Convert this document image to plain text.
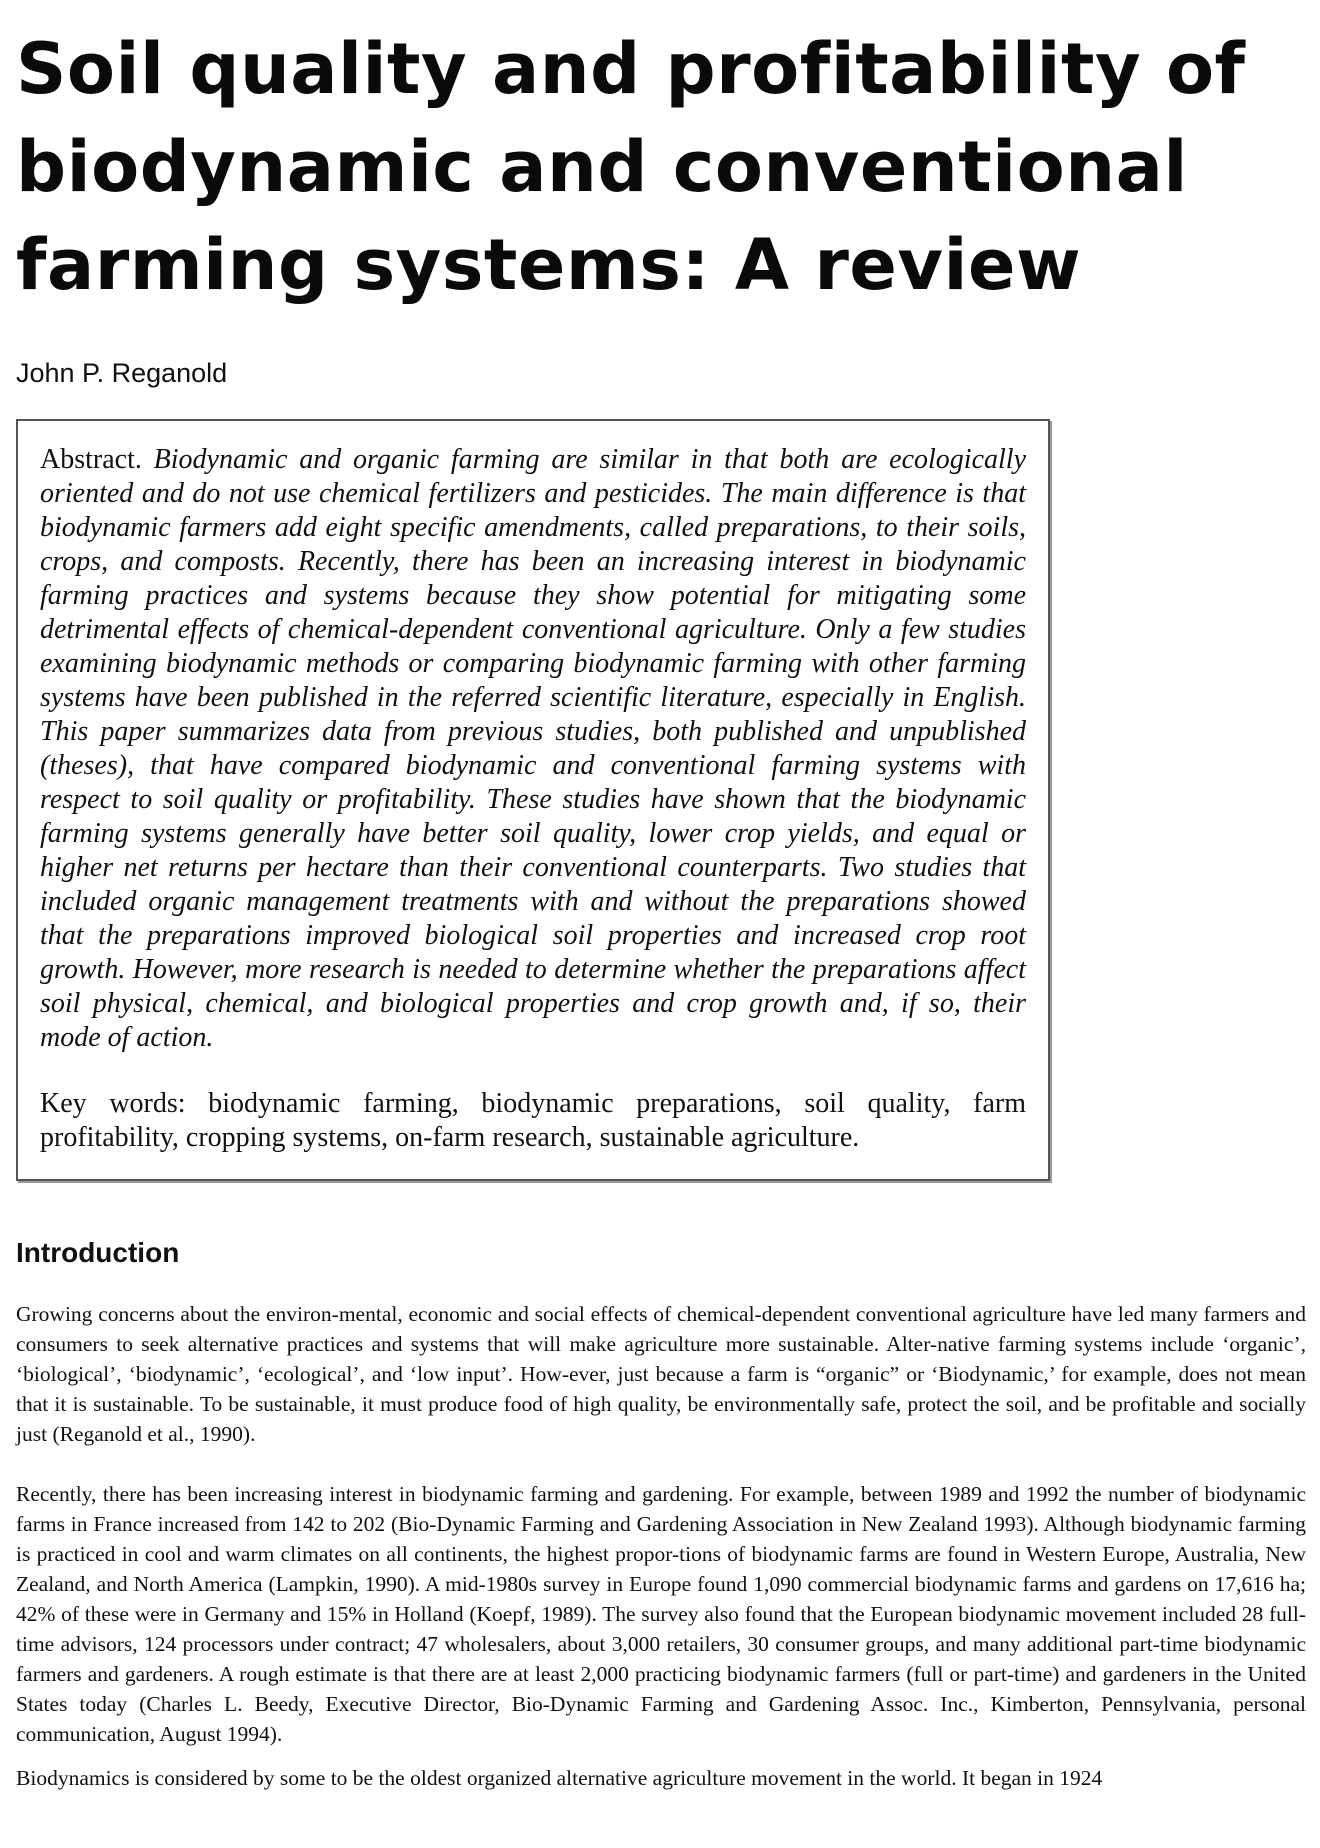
Soil quality and profitability of
biodynamic and conventional
farming systems: A review
John P. Reganold

Abstract. Biodynamic and organic farming are similar in that both are ecologically oriented and do not use chemical fertilizers and pesticides. The main difference is that biodynamic farmers add eight specific amendments, called preparations, to their soils, crops, and composts. Recently, there has been an increasing interest in biodynamic farming practices and systems because they show potential for mitigating some detrimental effects of chemical-dependent conventional agriculture. Only a few studies examining biodynamic methods or comparing biodynamic farming with other farming systems have been published in the referred scientific literature, especially in English. This paper summarizes data from previous studies, both published and unpublished (theses), that have compared biodynamic and conventional farming systems with respect to soil quality or profitability. These studies have shown that the biodynamic farming systems generally have better soil quality, lower crop yields, and equal or higher net returns per hectare than their conventional counterparts. Two studies that included organic management treatments with and without the preparations showed that the preparations improved biological soil properties and increased crop root growth. However, more research is needed to determine whether the preparations affect soil physical, chemical, and biological properties and crop growth and, if so, their mode of action.

Key words: biodynamic farming, biodynamic preparations, soil quality, farm profitability, cropping systems, on-farm research, sustainable agriculture.

Introduction

Growing concerns about the environ-mental, economic and social effects of chemical-dependent conventional agriculture have led many farmers and consumers to seek alternative practices and systems that will make agriculture more sustainable. Alter-native farming systems include ‘organic’, ‘biological’, ‘biodynamic’, ‘ecological’, and ‘low input’. How-ever, just because a farm is “organic” or ‘Biodynamic,’ for example, does not mean that it is sustainable. To be sustainable, it must produce food of high quality, be environmentally safe, protect the soil, and be profitable and socially just (Reganold et al., 1990).

Recently, there has been increasing interest in biodynamic farming and gardening. For example, between 1989 and 1992 the number of biodynamic farms in France increased from 142 to 202 (Bio-Dynamic Farming and Gardening Association in New Zealand 1993). Although biodynamic farming is practiced in cool and warm climates on all continents, the highest propor-tions of biodynamic farms are found in Western Europe, Australia, New Zealand, and North America (Lampkin, 1990). A mid-1980s survey in Europe found 1,090 commercial biodynamic farms and gardens on 17,616 ha; 42% of these were in Germany and 15% in Holland (Koepf, 1989). The survey also found that the European biodynamic movement included 28 full-time advisors, 124 processors under contract; 47 wholesalers, about 3,000 retailers, 30 consumer groups, and many additional part-time biodynamic farmers and gardeners. A rough estimate is that there are at least 2,000 practicing biodynamic farmers (full or part-time) and gardeners in the United States today (Charles L. Beedy, Executive Director, Bio-Dynamic Farming and Gardening Assoc. Inc., Kimberton, Pennsylvania, personal communication, August 1994).

Biodynamics is considered by some to be the oldest organized alternative agriculture movement in the world. It began in 1924
